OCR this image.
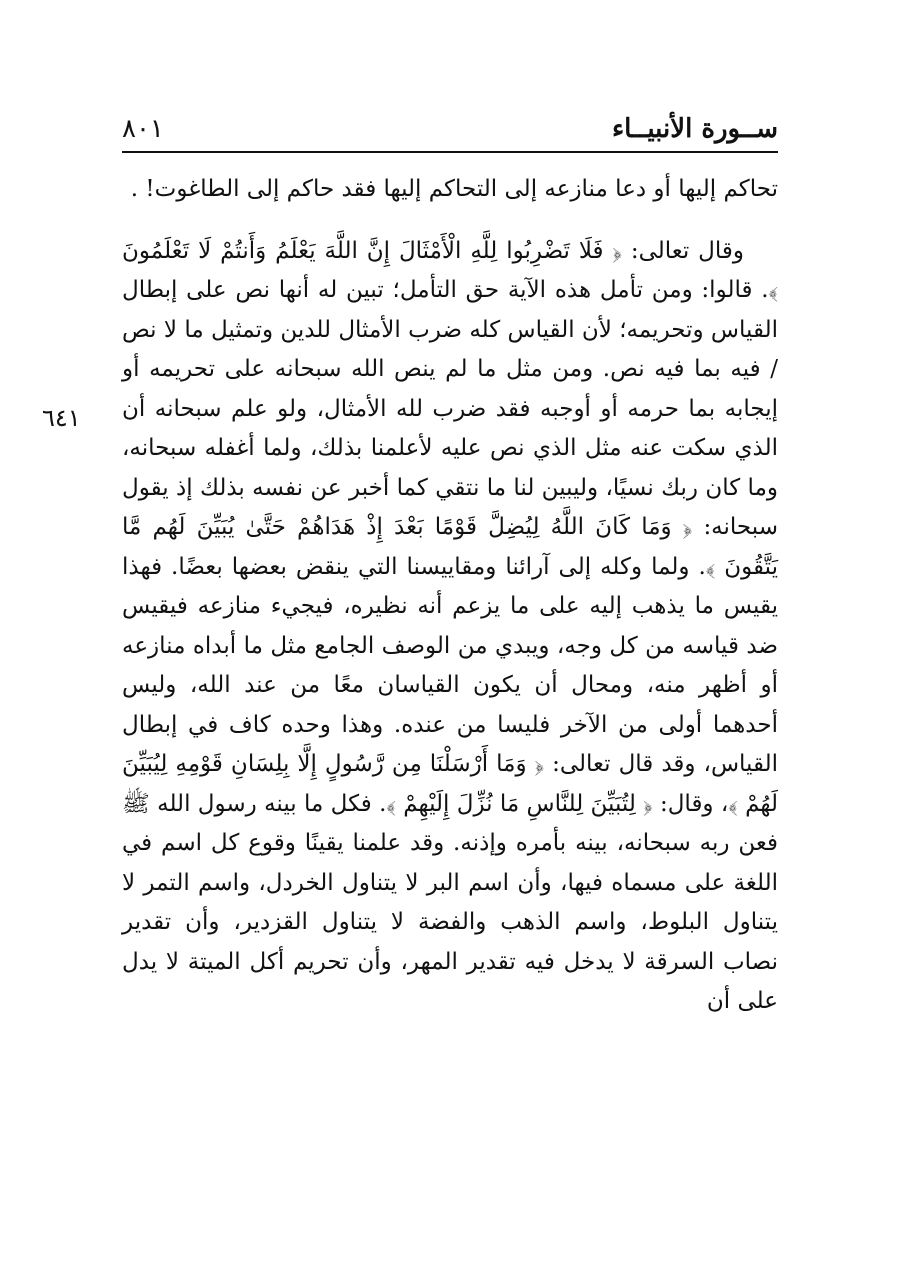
ســورة الأنبيــاء
٨٠١
٦٤١

تحاكم إليها أو دعا منازعه إلى التحاكم إليها فقد حاكم إلى الطاغوت! .

وقال تعالى: ﴿ فَلَا تَضْرِبُوا لِلَّهِ الْأَمْثَالَ إِنَّ اللَّهَ يَعْلَمُ وَأَنتُمْ لَا تَعْلَمُونَ ﴾. قالوا: ومن تأمل هذه الآية حق التأمل؛ تبين له أنها نص على إبطال القياس وتحريمه؛ لأن القياس كله ضرب الأمثال للدين وتمثيل ما لا نص / فيه بما فيه نص. ومن مثل ما لم ينص الله سبحانه على تحريمه أو إيجابه بما حرمه أو أوجبه فقد ضرب لله الأمثال، ولو علم سبحانه أن الذي سكت عنه مثل الذي نص عليه لأعلمنا بذلك، ولما أغفله سبحانه، وما كان ربك نسيًا، وليبين لنا ما نتقي كما أخبر عن نفسه بذلك إذ يقول سبحانه: ﴿ وَمَا كَانَ اللَّهُ لِيُضِلَّ قَوْمًا بَعْدَ إِذْ هَدَاهُمْ حَتَّىٰ يُبَيِّنَ لَهُم مَّا يَتَّقُونَ ﴾. ولما وكله إلى آرائنا ومقاييسنا التي ينقض بعضها بعضًا. فهذا يقيس ما يذهب إليه على ما يزعم أنه نظيره، فيجيء منازعه فيقيس ضد قياسه من كل وجه، ويبدي من الوصف الجامع مثل ما أبداه منازعه أو أظهر منه، ومحال أن يكون القياسان معًا من عند الله، وليس أحدهما أولى من الآخر فليسا من عنده. وهذا وحده كاف في إبطال القياس، وقد قال تعالى: ﴿ وَمَا أَرْسَلْنَا مِن رَّسُولٍ إِلَّا بِلِسَانِ قَوْمِهِ لِيُبَيِّنَ لَهُمْ ﴾، وقال: ﴿ لِتُبَيِّنَ لِلنَّاسِ مَا نُزِّلَ إِلَيْهِمْ ﴾. فكل ما بينه رسول الله ﷺ فعن ربه سبحانه، بينه بأمره وإذنه. وقد علمنا يقينًا وقوع كل اسم في اللغة على مسماه فيها، وأن اسم البر لا يتناول الخردل، واسم التمر لا يتناول البلوط، واسم الذهب والفضة لا يتناول القزدير، وأن تقدير نصاب السرقة لا يدخل فيه تقدير المهر، وأن تحريم أكل الميتة لا يدل على أن
